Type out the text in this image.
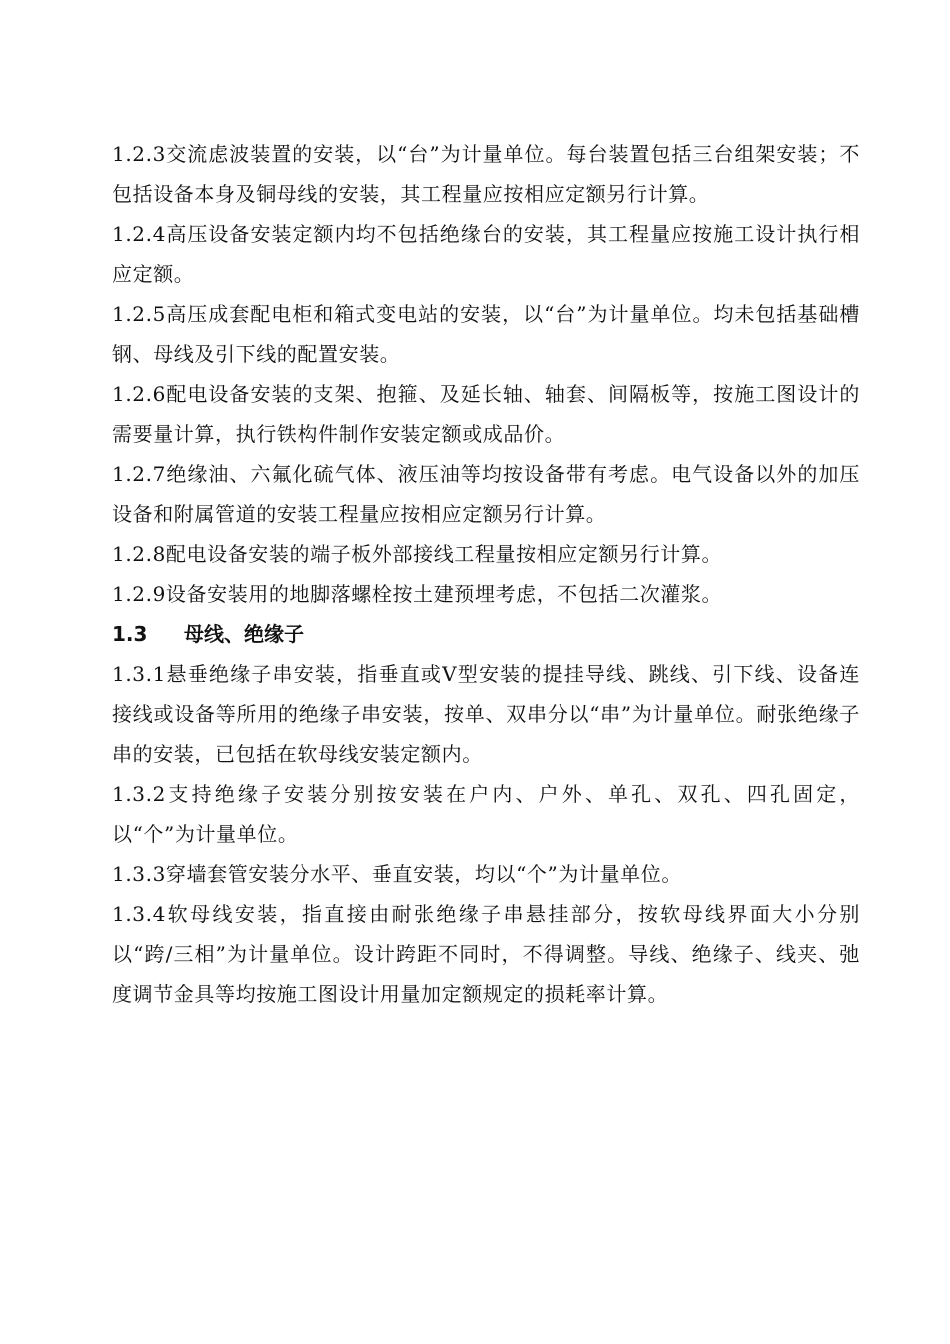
1.2.3交流虑波装置的安装，以“台”为计量单位。每台装置包括三台组架安装；不包括设备本身及铜母线的安装，其工程量应按相应定额另行计算。

1.2.4高压设备安装定额内均不包括绝缘台的安装，其工程量应按施工设计执行相应定额。

1.2.5高压成套配电柜和箱式变电站的安装，以“台”为计量单位。均未包括基础槽钢、母线及引下线的配置安装。

1.2.6配电设备安装的支架、抱箍、及延长轴、轴套、间隔板等，按施工图设计的需要量计算，执行铁构件制作安装定额或成品价。

1.2.7绝缘油、六氟化硫气体、液压油等均按设备带有考虑。电气设备以外的加压设备和附属管道的安装工程量应按相应定额另行计算。

1.2.8配电设备安装的端子板外部接线工程量按相应定额另行计算。

1.2.9设备安装用的地脚落螺栓按土建预埋考虑，不包括二次灌浆。

1.3	母线、绝缘子

1.3.1悬垂绝缘子串安装，指垂直或V型安装的提挂导线、跳线、引下线、设备连接线或设备等所用的绝缘子串安装，按单、双串分以“串”为计量单位。耐张绝缘子串的安装，已包括在软母线安装定额内。

1.3.2支持绝缘子安装分别按安装在户内、户外、单孔、双孔、四孔固定，以“个”为计量单位。

1.3.3穿墙套管安装分水平、垂直安装，均以“个”为计量单位。

1.3.4软母线安装，指直接由耐张绝缘子串悬挂部分，按软母线界面大小分别以“跨/三相”为计量单位。设计跨距不同时，不得调整。导线、绝缘子、线夹、弛度调节金具等均按施工图设计用量加定额规定的损耗率计算。
